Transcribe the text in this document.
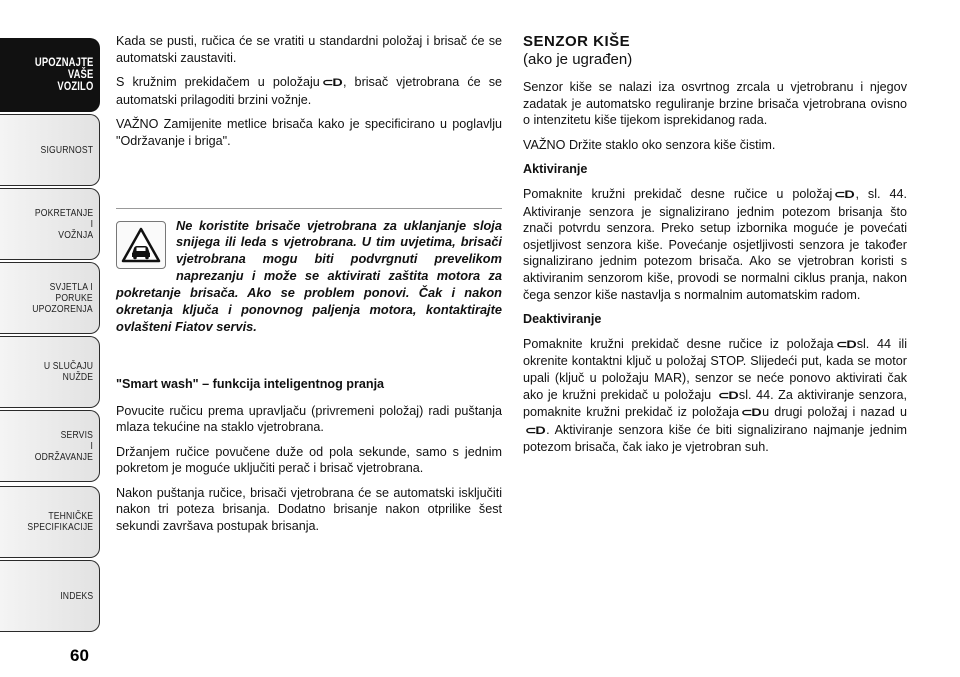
UPOZNAJTE
VAŠE
VOZILO
SIGURNOST
POKRETANJE
I
VOŽNJA
SVJETLA I
PORUKE
UPOZORENJA
U SLUČAJU
NUŽDE
SERVIS
I
ODRŽAVANJE
TEHNIČKE
SPECIFIKACIJE
INDEKS
60

Kada se pusti, ručica će se vratiti u standardni položaj i brisač će se automatski zaustaviti.

S kružnim prekidačem u položaju ⊂D , brisač vjetrobrana će se automatski prilagoditi brzini vožnje.

VAŽNO Zamijenite metlice brisača kako je specificirano u poglavlju "Održavanje i briga".

Ne koristite brisače vjetrobrana za uklanjanje sloja snijega ili leda s vjetrobrana. U tim uvjetima, brisači vjetrobrana mogu biti podvrgnuti prevelikom naprezanju i može se aktivirati zaštita motora za pokretanje brisača. Ako se problem ponovi. Čak i nakon okretanja ključa i ponovnog paljenja motora, kontaktirajte ovlašteni Fiatov servis.
"Smart wash" – funkcija inteligentnog pranja

Povucite ručicu prema upravljaču (privremeni položaj) radi puštanja mlaza tekućine na staklo vjetrobrana.

Držanjem ručice povučene duže od pola sekunde, samo s jednim pokretom je moguće uključiti perač i brisač vjetrobrana.

Nakon puštanja ručice, brisači vjetrobrana će se automatski isključiti nakon tri poteza brisanja. Dodatno brisanje nakon otprilike šest sekundi završava postupak brisanja.

SENZOR KIŠE
(ako je ugrađen)

Senzor kiše se nalazi iza osvrtnog zrcala u vjetrobranu i njegov zadatak je automatsko reguliranje brzine brisača vjetrobrana ovisno o intenzitetu kiše tijekom isprekidanog rada.

VAŽNO Držite staklo oko senzora kiše čistim.

Aktiviranje

Pomaknite kružni prekidač desne ručice u položaj ⊂D , sl. 44. Aktiviranje senzora je signalizirano jednim potezom brisanja što znači potvrdu senzora. Preko setup izbornika moguće je povećati osjetljivost senzora kiše. Povećanje osjetljivosti senzora je također signalizirano jednim potezom brisača. Ako se vjetrobran koristi s aktiviranim senzorom kiše, provodi se normalni ciklus pranja, nakon čega senzor kiše nastavlja s normalnim automatskim radom.

Deaktiviranje

Pomaknite kružni prekidač desne ručice iz položaja ⊂D sl. 44 ili okrenite kontaktni ključ u položaj STOP. Slijedeći put, kada se motor upali (ključ u položaju MAR), senzor se neće ponovo aktivirati čak ako je kružni prekidač u položaju ⊂D sl. 44. Za aktiviranje senzora, pomaknite kružni prekidač iz položaja ⊂D u drugi položaj i nazad u⊂D . Aktiviranje senzora kiše će biti signalizirano najmanje jednim potezom brisača, čak iako je vjetrobran suh.
